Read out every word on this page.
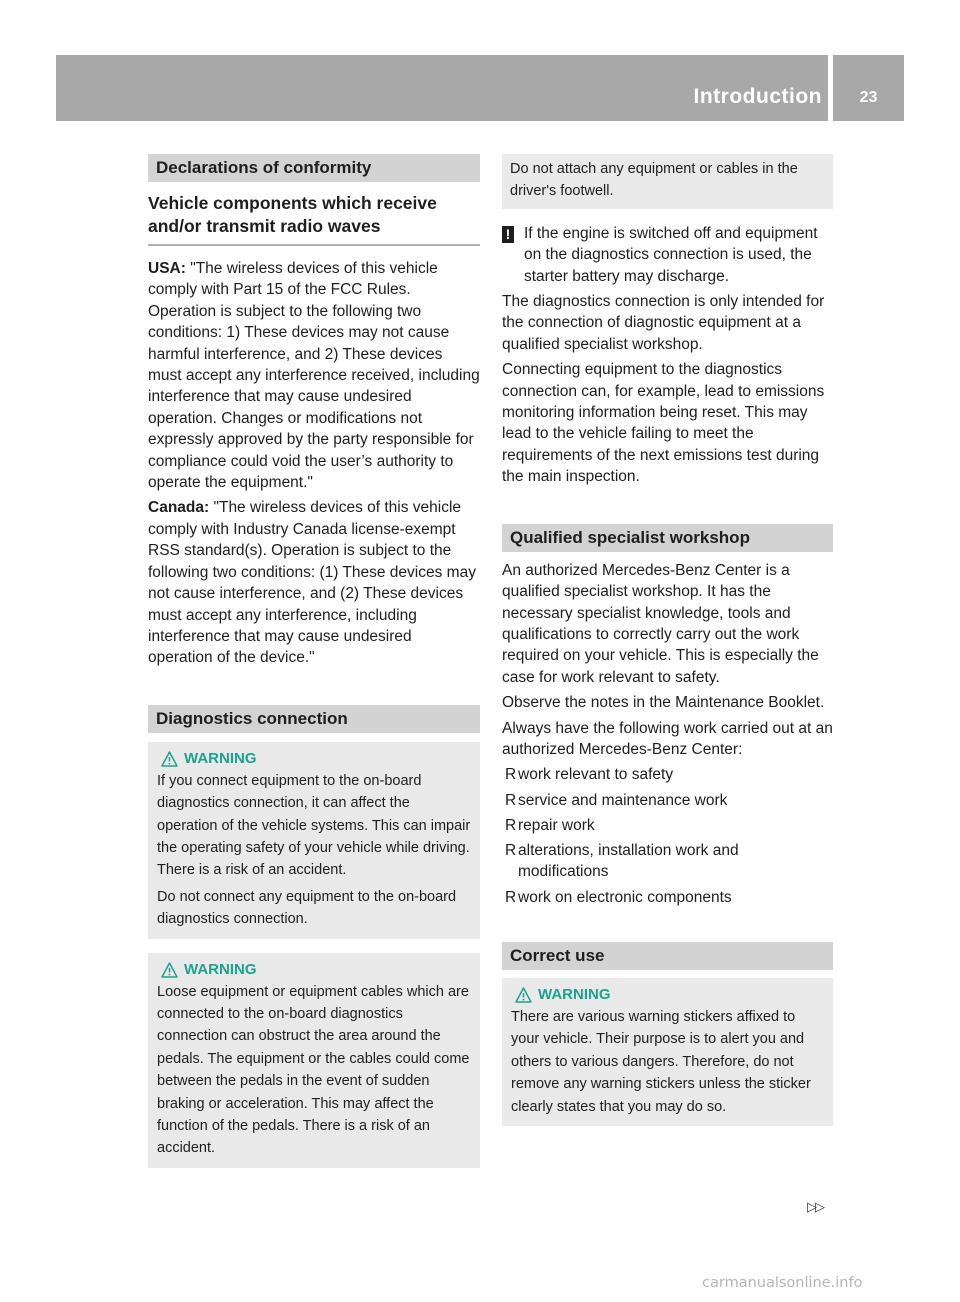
Introduction	23
Declarations of conformity
Vehicle components which receive and/or transmit radio waves

USA: "The wireless devices of this vehicle comply with Part 15 of the FCC Rules. Operation is subject to the following two conditions: 1) These devices may not cause harmful interference, and 2) These devices must accept any interference received, including interference that may cause undesired operation. Changes or modifications not expressly approved by the party responsible for compliance could void the user’s authority to operate the equipment."

Canada: "The wireless devices of this vehicle comply with Industry Canada license-exempt RSS standard(s). Operation is subject to the following two conditions: (1) These devices may not cause interference, and (2) These devices must accept any interference, including interference that may cause undesired operation of the device."

Diagnostics connection
WARNING

If you connect equipment to the on-board diagnostics connection, it can affect the operation of the vehicle systems. This can impair the operating safety of your vehicle while driving. There is a risk of an accident.

Do not connect any equipment to the on-board diagnostics connection.

WARNING

Loose equipment or equipment cables which are connected to the on-board diagnostics connection can obstruct the area around the pedals. The equipment or the cables could come between the pedals in the event of sudden braking or acceleration. This may affect the function of the pedals. There is a risk of an accident.

Do not attach any equipment or cables in the driver's footwell.

! If the engine is switched off and equipment on the diagnostics connection is used, the starter battery may discharge.

The diagnostics connection is only intended for the connection of diagnostic equipment at a qualified specialist workshop.

Connecting equipment to the diagnostics connection can, for example, lead to emissions monitoring information being reset. This may lead to the vehicle failing to meet the requirements of the next emissions test during the main inspection.

Qualified specialist workshop

An authorized Mercedes-Benz Center is a qualified specialist workshop. It has the necessary specialist knowledge, tools and qualifications to correctly carry out the work required on your vehicle. This is especially the case for work relevant to safety.

Observe the notes in the Maintenance Booklet.

Always have the following work carried out at an authorized Mercedes-Benz Center:

R work relevant to safety
R service and maintenance work
R repair work
R alterations, installation work and modifications
R work on electronic components
Correct use
WARNING

There are various warning stickers affixed to your vehicle. Their purpose is to alert you and others to various dangers. Therefore, do not remove any warning stickers unless the sticker clearly states that you may do so.

▷▷
carmanualsonline.info
